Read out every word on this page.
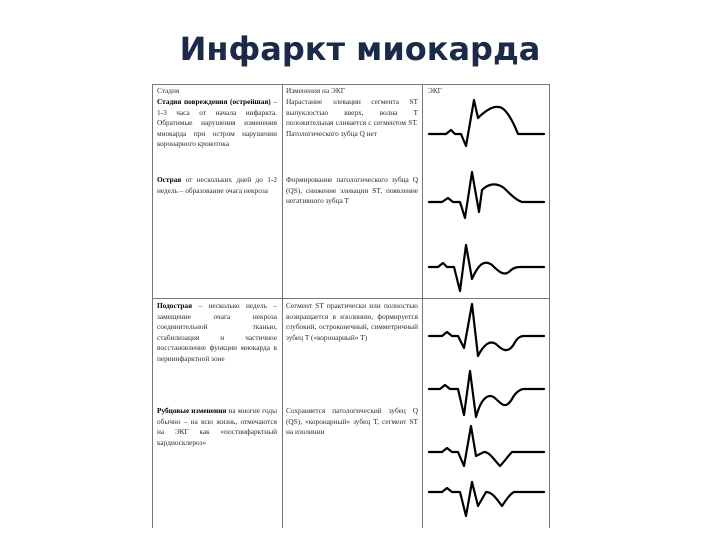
Инфаркт миокарда
Стадия	Изменения на ЭКГ	ЭКГ
Стадия повреждения (острейшая) – 1-3 часа от начала инфаркта. Обратимые нарушения изменения миокарда при остром нарушении коронарного кровотока
Нарастание элевации сегмента ST выпуклостью вверх, волна T положительная сливается с сегментом ST. Патологического зубца Q нет
Острая от нескольких дней до 1-2 недель – образование очага некроза
Формирование патологического зубца Q (QS), снижение элевации ST, появление негативного зубца T
Подострая – несколько недель – замещение очага некроза соединительной тканью, стабилизация и частичное восстановление функции миокарда в периинфарктной зоне
Сегмент ST практически или полностью возвращается в изолинию, формируется глубокий, остроконечный, симметричный зубец T («коронарный» T)
Рубцовые изменения на многие годы обычно – на всю жизнь, отмечаются на ЭКГ как «постинфарктный кардиосклероз»
Сохраняется патологический зубец Q (QS), «коронарный» зубец T, сегмент ST на изолинии
